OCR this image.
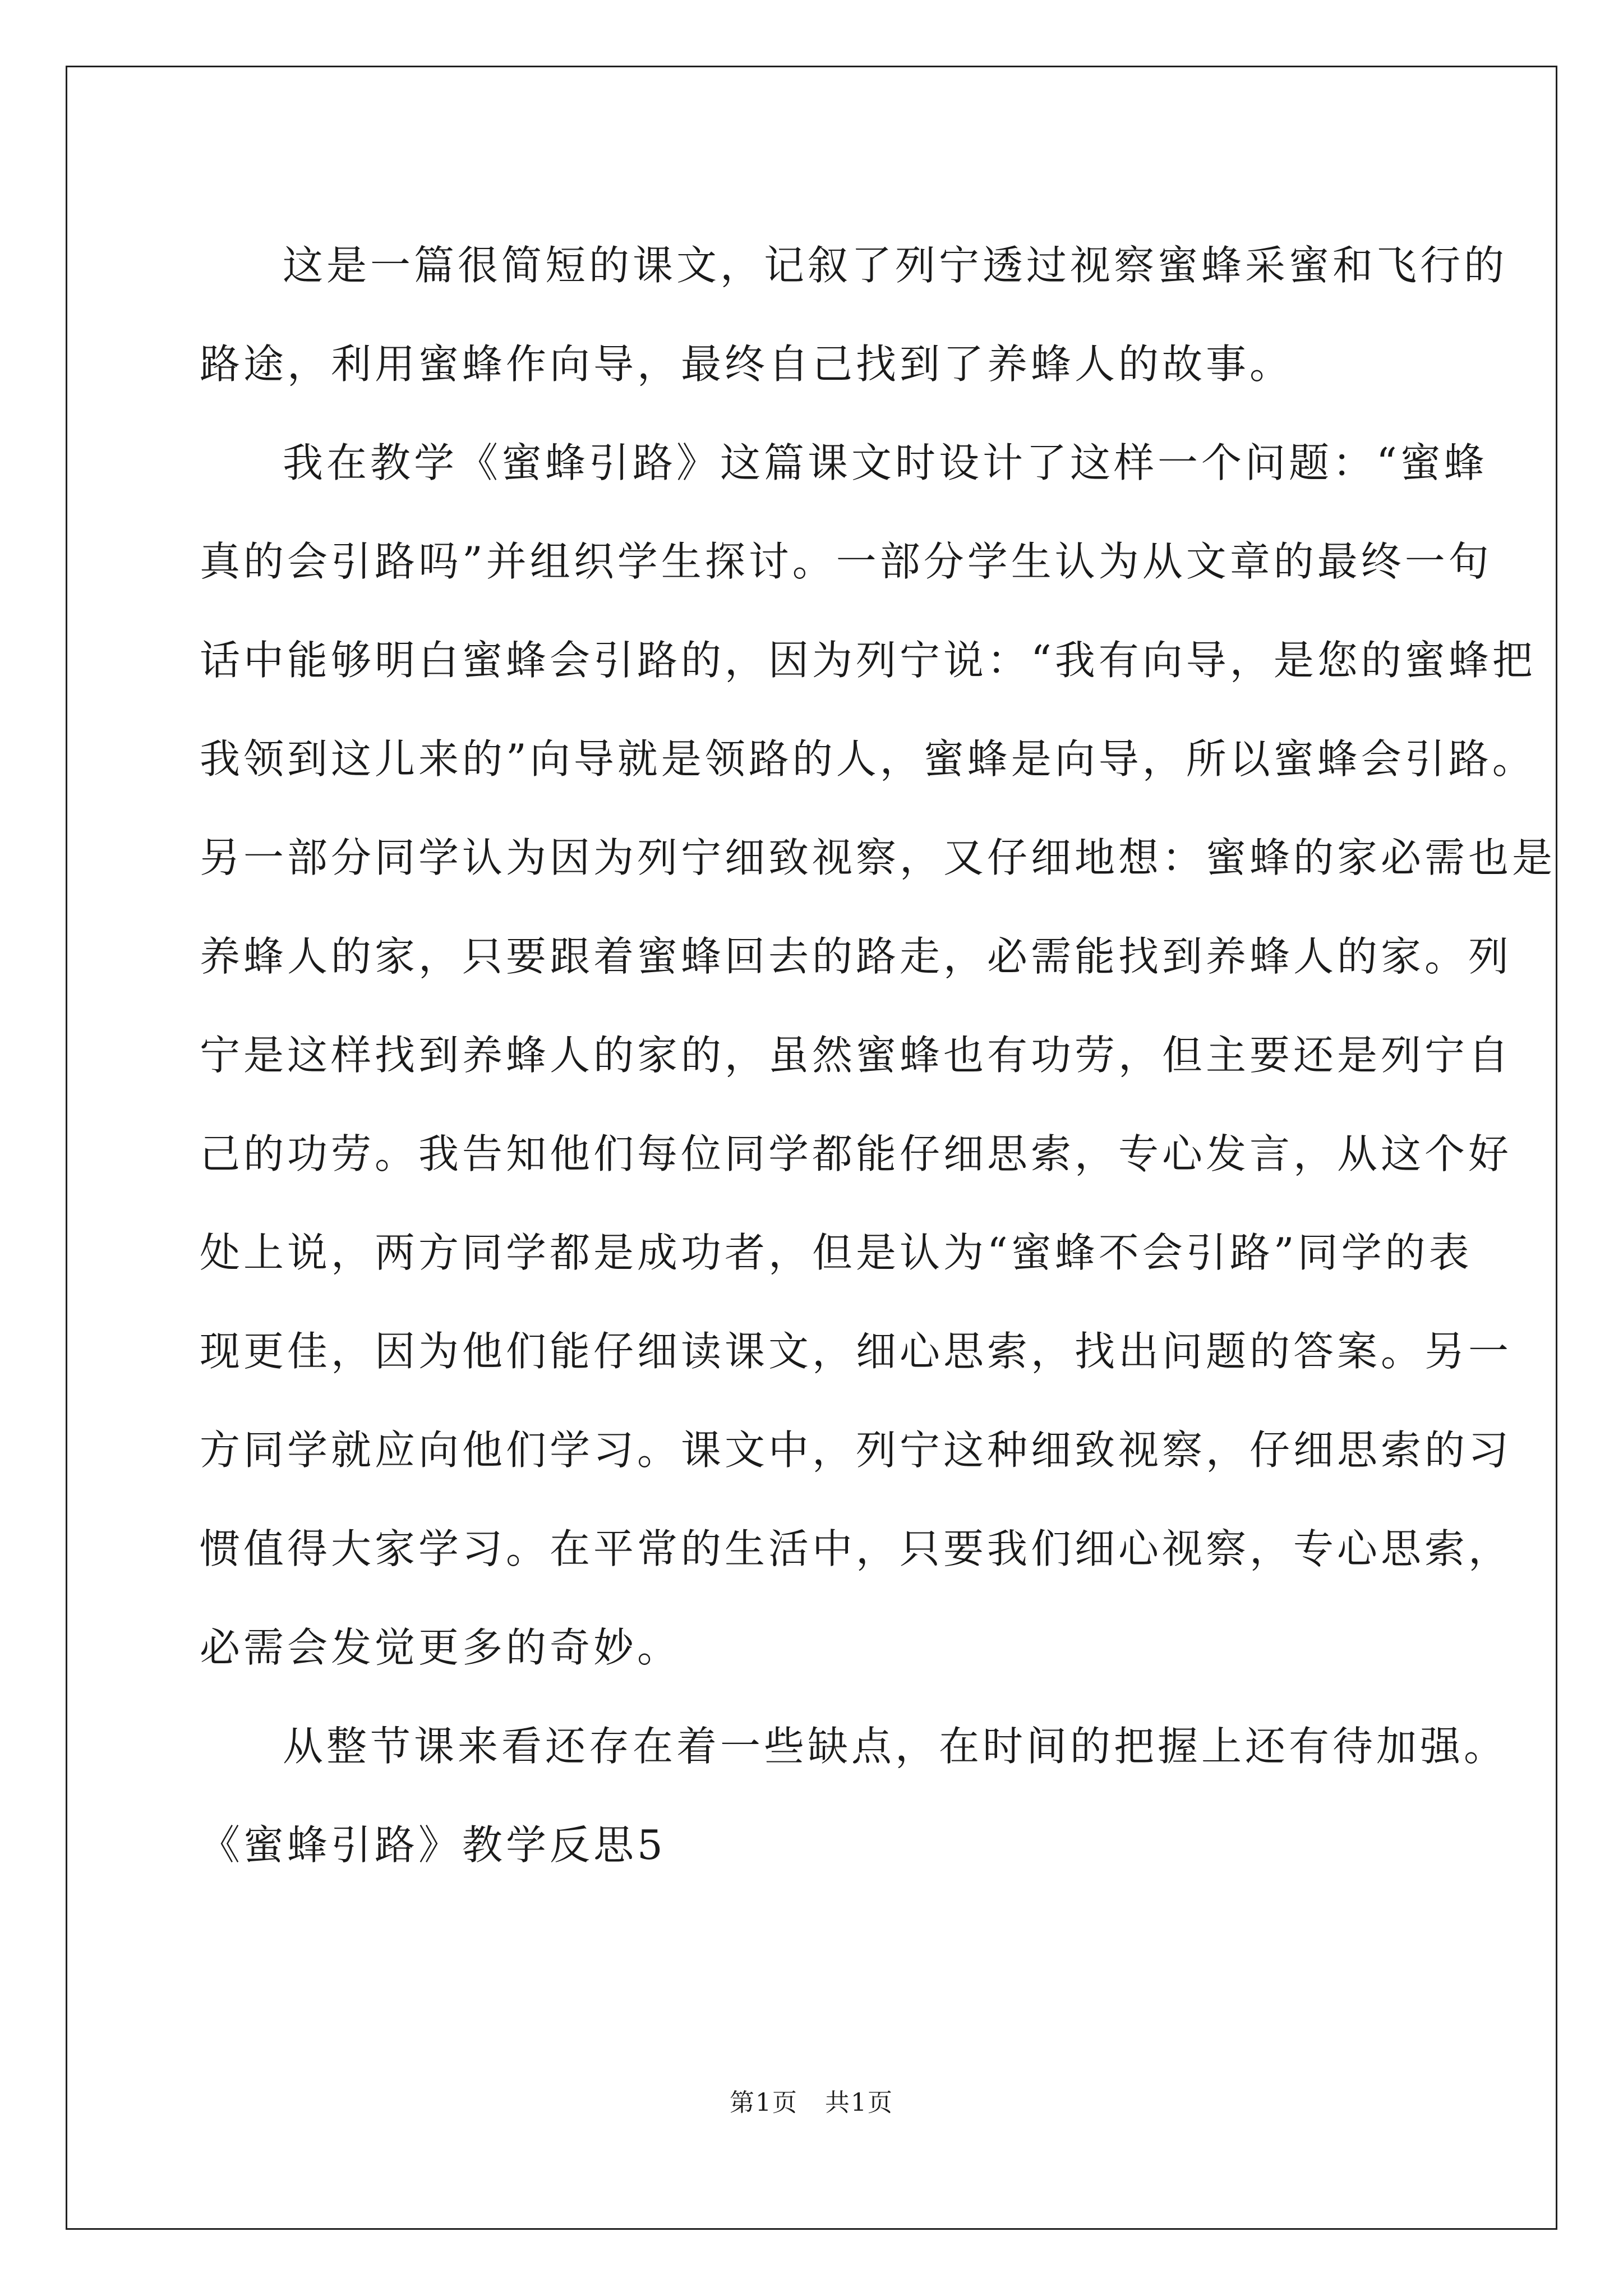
这是一篇很简短的课文，记叙了列宁透过视察蜜蜂采蜜和飞行的
路途，利用蜜蜂作向导，最终自己找到了养蜂人的故事。
我在教学《蜜蜂引路》这篇课文时设计了这样一个问题：“蜜蜂
真的会引路吗”并组织学生探讨。一部分学生认为从文章的最终一句
话中能够明白蜜蜂会引路的，因为列宁说：“我有向导，是您的蜜蜂把
我领到这儿来的”向导就是领路的人，蜜蜂是向导，所以蜜蜂会引路。
另一部分同学认为因为列宁细致视察，又仔细地想：蜜蜂的家必需也是
养蜂人的家，只要跟着蜜蜂回去的路走，必需能找到养蜂人的家。列
宁是这样找到养蜂人的家的，虽然蜜蜂也有功劳，但主要还是列宁自
己的功劳。我告知他们每位同学都能仔细思索，专心发言，从这个好
处上说，两方同学都是成功者，但是认为“蜜蜂不会引路”同学的表
现更佳，因为他们能仔细读课文，细心思索，找出问题的答案。另一
方同学就应向他们学习。课文中，列宁这种细致视察，仔细思索的习
惯值得大家学习。在平常的生活中，只要我们细心视察，专心思索，
必需会发觉更多的奇妙。
从整节课来看还存在着一些缺点，在时间的把握上还有待加强。
《蜜蜂引路》教学反思5
第1页   共1页
